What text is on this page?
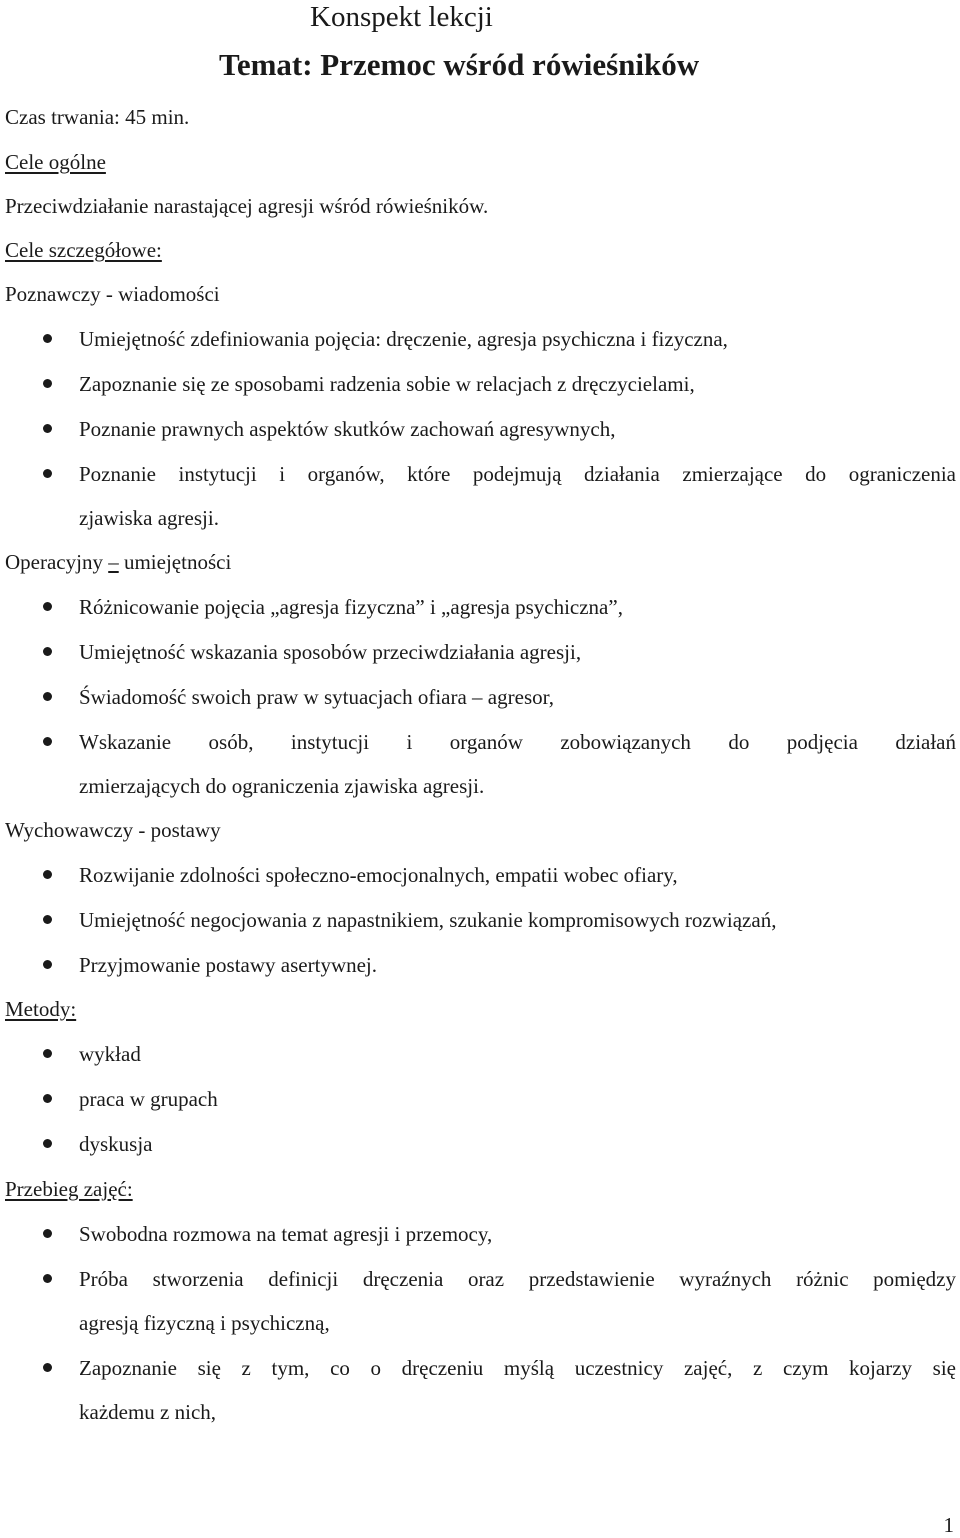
Konspekt lekcji
Temat: Przemoc wśród rówieśników
Czas trwania: 45 min.
Cele ogólne
Przeciwdziałanie narastającej agresji wśród rówieśników.
Cele szczegółowe:
Poznawczy - wiadomości
Umiejętność zdefiniowania pojęcia: dręczenie, agresja psychiczna i fizyczna,
Zapoznanie się ze sposobami radzenia sobie w relacjach z dręczycielami,
Poznanie prawnych aspektów skutków zachowań agresywnych,
Poznanie instytucji i organów, które podejmują działania zmierzające do ograniczenia
zjawiska agresji.
Operacyjny – umiejętności
Różnicowanie pojęcia „agresja fizyczna” i „agresja psychiczna”,
Umiejętność wskazania sposobów przeciwdziałania agresji,
Świadomość swoich praw w sytuacjach ofiara – agresor,
Wskazanie osób, instytucji i organów zobowiązanych do podjęcia działań
zmierzających do ograniczenia zjawiska agresji.
Wychowawczy - postawy
Rozwijanie zdolności społeczno-emocjonalnych, empatii wobec ofiary,
Umiejętność negocjowania z napastnikiem, szukanie kompromisowych rozwiązań,
Przyjmowanie postawy asertywnej.
Metody:
wykład
praca w grupach
dyskusja
Przebieg zajęć:
Swobodna rozmowa na temat agresji i przemocy,
Próba stworzenia definicji dręczenia oraz przedstawienie wyraźnych różnic pomiędzy
agresją fizyczną i psychiczną,
Zapoznanie się z tym, co o dręczeniu myślą uczestnicy zajęć, z czym kojarzy się
każdemu z nich,
1
